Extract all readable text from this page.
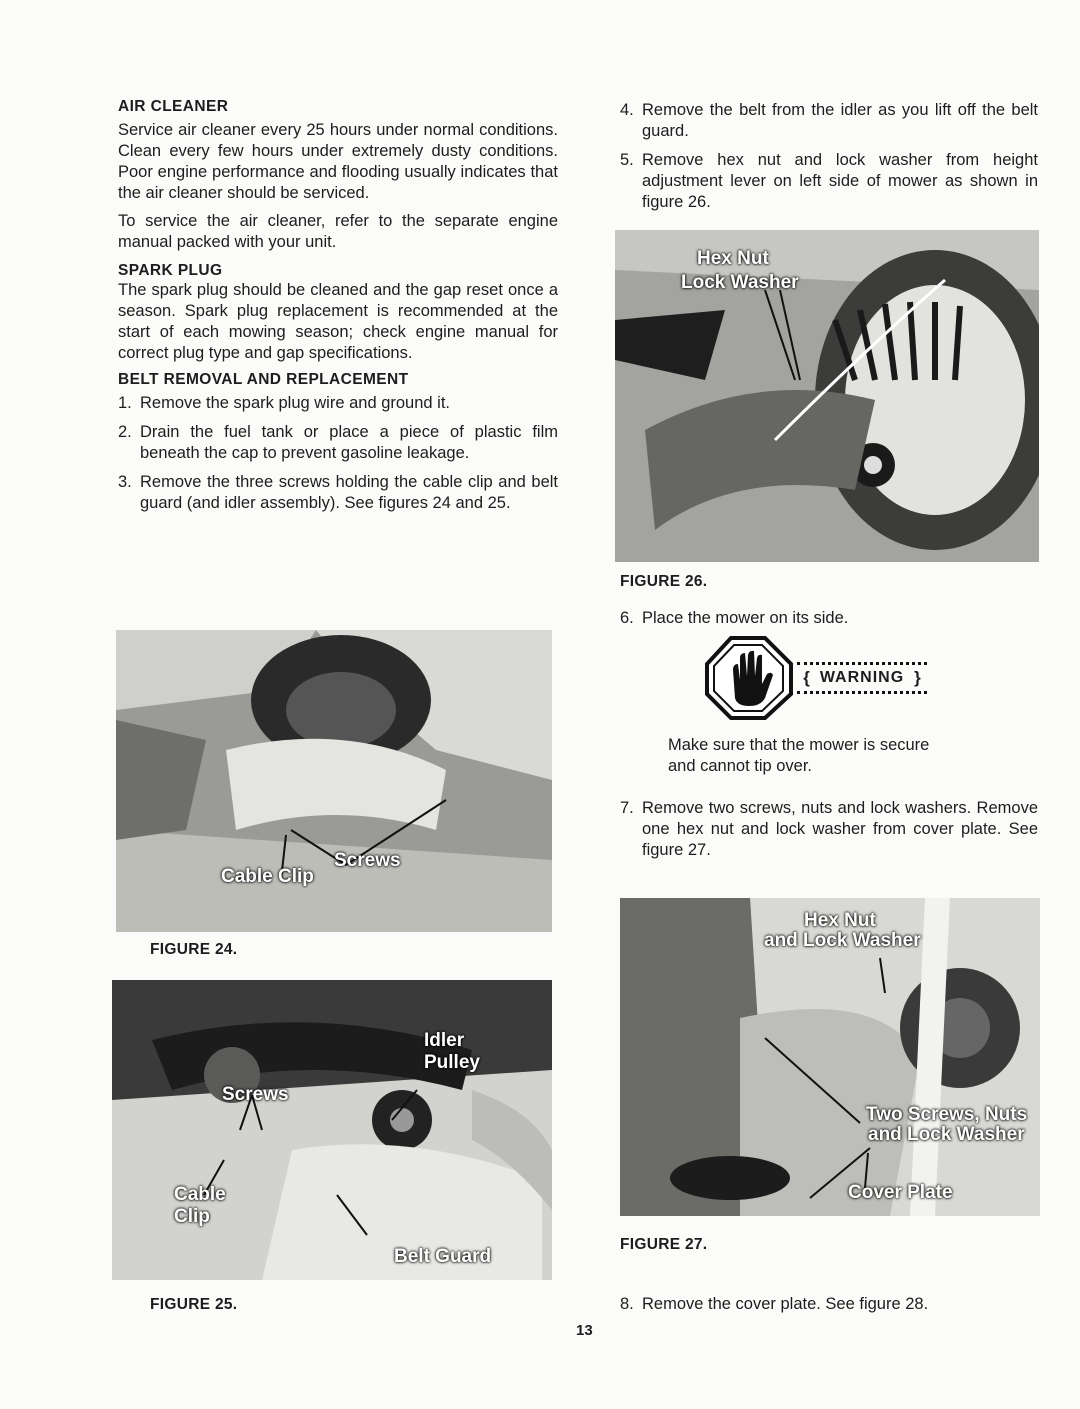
AIR CLEANER

Service air cleaner every 25 hours under normal conditions. Clean every few hours under extremely dusty conditions. Poor engine performance and flooding usually indicates that the air cleaner should be serviced.

To service the air cleaner, refer to the separate engine manual packed with your unit.

SPARK PLUG

The spark plug should be cleaned and the gap reset once a season. Spark plug replacement is recommended at the start of each mowing season; check engine manual for correct plug type and gap specifications.

BELT REMOVAL AND REPLACEMENT
1. Remove the spark plug wire and ground it.
2. Drain the fuel tank or place a piece of plastic film beneath the cap to prevent gasoline leakage.
3. Remove the three screws holding the cable clip and belt guard (and idler assembly). See figures 24 and 25.
Screws
Cable Clip
FIGURE 24.
Idler Pulley
Screws
Cable Clip
Belt Guard
FIGURE 25.
4. Remove the belt from the idler as you lift off the belt guard.
5. Remove hex nut and lock washer from height adjustment lever on left side of mower as shown in figure 26.
Hex Nut
Lock Washer
FIGURE 26.
6. Place the mower on its side.
{ WARNING }
Make sure that the mower is secure
and cannot tip over.
7. Remove two screws, nuts and lock washers. Remove one hex nut and lock washer from cover plate. See figure 27.
Hex Nut
and Lock Washer
Two Screws, Nuts
and Lock Washer
Cover Plate
FIGURE 27.
8. Remove the cover plate. See figure 28.
13
